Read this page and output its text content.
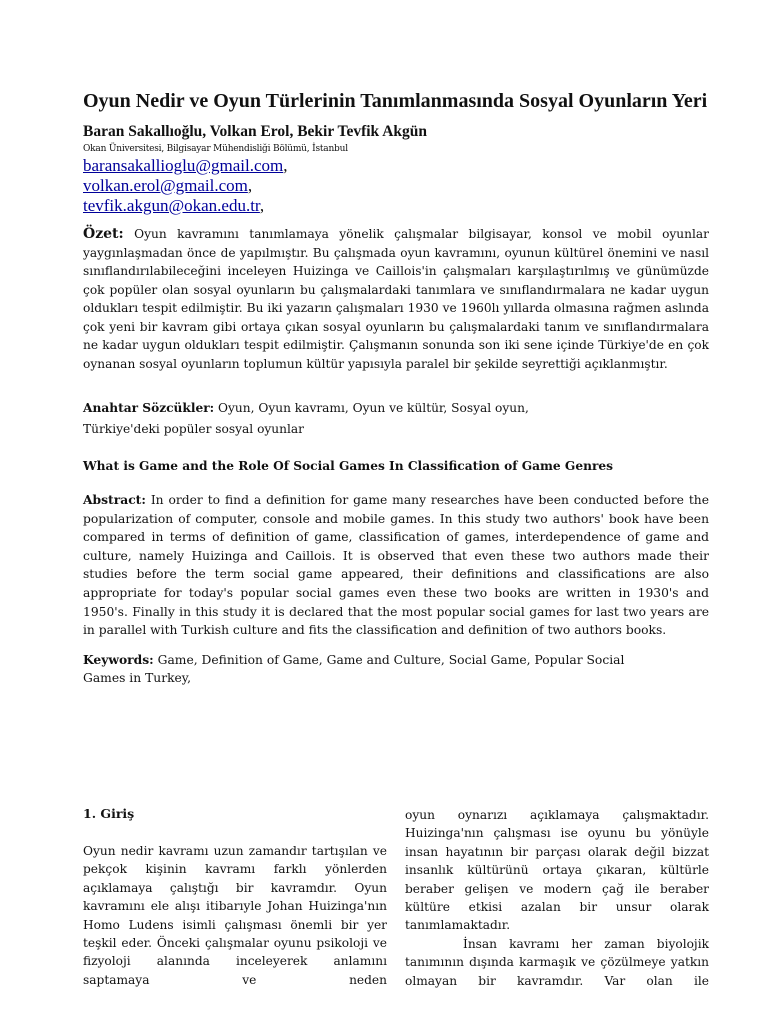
Oyun Nedir ve Oyun Türlerinin Tanımlanmasında Sosyal Oyunların Yeri
Baran Sakallıoğlu, Volkan Erol, Bekir Tevfik Akgün
Okan Üniversitesi, Bilgisayar Mühendisliği Bölümü, İstanbul
baransakallioglu@gmail.com,
volkan.erol@gmail.com,
tevfik.akgun@okan.edu.tr,
Özet: Oyun kavramını tanımlamaya yönelik çalışmalar bilgisayar, konsol ve mobil oyunlar yaygınlaşmadan önce de yapılmıştır. Bu çalışmada oyun kavramını, oyunun kültürel önemini ve nasıl sınıflandırılabileceğini inceleyen Huizinga ve Caillois'in çalışmaları karşılaştırılmış ve günümüzde çok popüler olan sosyal oyunların bu çalışmalardaki tanımlara ve sınıflandırmalara ne kadar uygun oldukları tespit edilmiştir. Bu iki yazarın çalışmaları 1930 ve 1960lı yıllarda olmasına rağmen aslında çok yeni bir kavram gibi ortaya çıkan sosyal oyunların bu çalışmalardaki tanım ve sınıflandırmalara ne kadar uygun oldukları tespit edilmiştir. Çalışmanın sonunda son iki sene içinde Türkiye'de en çok oynanan sosyal oyunların toplumun kültür yapısıyla paralel bir şekilde seyrettiği açıklanmıştır.
Anahtar Sözcükler: Oyun, Oyun kavramı, Oyun ve kültür, Sosyal oyun,
Türkiye'deki popüler sosyal oyunlar
What is Game and the Role Of Social Games In Classification of Game Genres
Abstract: In order to find a definition for game many researches have been conducted before the popularization of computer, console and mobile games. In this study two authors' book have been compared in terms of definition of game, classification of games, interdependence of game and culture, namely Huizinga and Caillois. It is observed that even these two authors made their studies before the term social game appeared, their definitions and classifications are also appropriate for today's popular social games even these two books are written in 1930's and 1950's. Finally in this study it is declared that the most popular social games for last two years are in parallel with Turkish culture and fits the classification and definition of two authors books.
Keywords: Game, Definition of Game, Game and Culture, Social Game, Popular Social
Games in Turkey,
1. Giriş
Oyun nedir kavramı uzun zamandır tartışılan ve pekçok kişinin kavramı farklı yönlerden açıklamaya çalıştığı bir kavramdır. Oyun kavramını ele alışı itibarıyle Johan Huizinga'nın Homo Ludens isimli çalışması önemli bir yer teşkil eder. Önceki çalışmalar oyunu psikoloji ve fizyoloji alanında inceleyerek anlamını saptamaya ve neden
oyun oynarızı açıklamaya çalışmaktadır. Huizinga'nın çalışması ise oyunu bu yönüyle insan hayatının bir parçası olarak değil bizzat insanlık kültürünü ortaya çıkaran, kültürle beraber gelişen ve modern çağ ile beraber kültüre etkisi azalan bir unsur olarak tanımlamaktadır.
İnsan kavramı her zaman biyolojik tanımının dışında karmaşık ve çözülmeye yatkın olmayan bir kavramdır. Var olan ile
